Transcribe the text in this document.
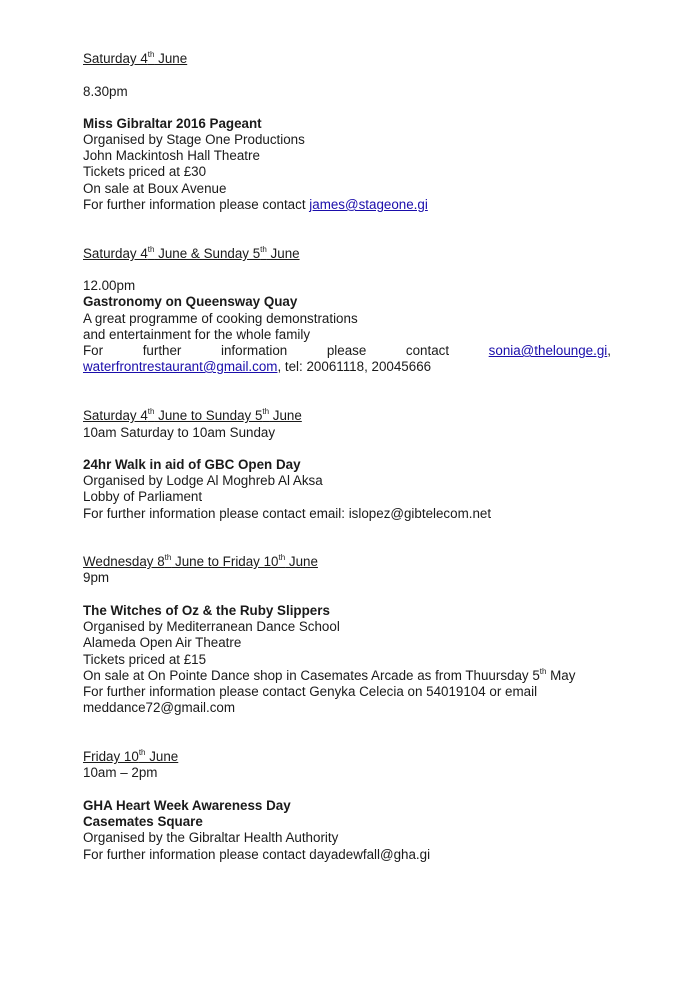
Saturday 4th June
8.30pm
Miss Gibraltar 2016 Pageant
Organised by Stage One Productions
John Mackintosh Hall Theatre
Tickets priced at £30
On sale at Boux Avenue
For further information please contact james@stageone.gi
Saturday 4th June & Sunday 5th June
12.00pm
Gastronomy on Queensway Quay
A great programme of cooking demonstrations
and entertainment for the whole family
For	further	information	please	contact	sonia@thelounge.gi,
waterfrontrestaurant@gmail.com, tel: 20061118, 20045666
Saturday 4th June to Sunday 5th June
10am Saturday to 10am Sunday
24hr Walk in aid of GBC Open Day
Organised by Lodge Al Moghreb Al Aksa
Lobby of Parliament
For further information please contact email: islopez@gibtelecom.net
Wednesday 8th June to Friday 10th June
9pm
The Witches of Oz & the Ruby Slippers
Organised by Mediterranean Dance School
Alameda Open Air Theatre
Tickets priced at £15
On sale at On Pointe Dance shop in Casemates Arcade as from Thuursday 5th May
For further information please contact Genyka Celecia on 54019104 or email
meddance72@gmail.com
Friday 10th June
10am – 2pm
GHA Heart Week Awareness Day
Casemates Square
Organised by the Gibraltar Health Authority
For further information please contact dayadewfall@gha.gi
